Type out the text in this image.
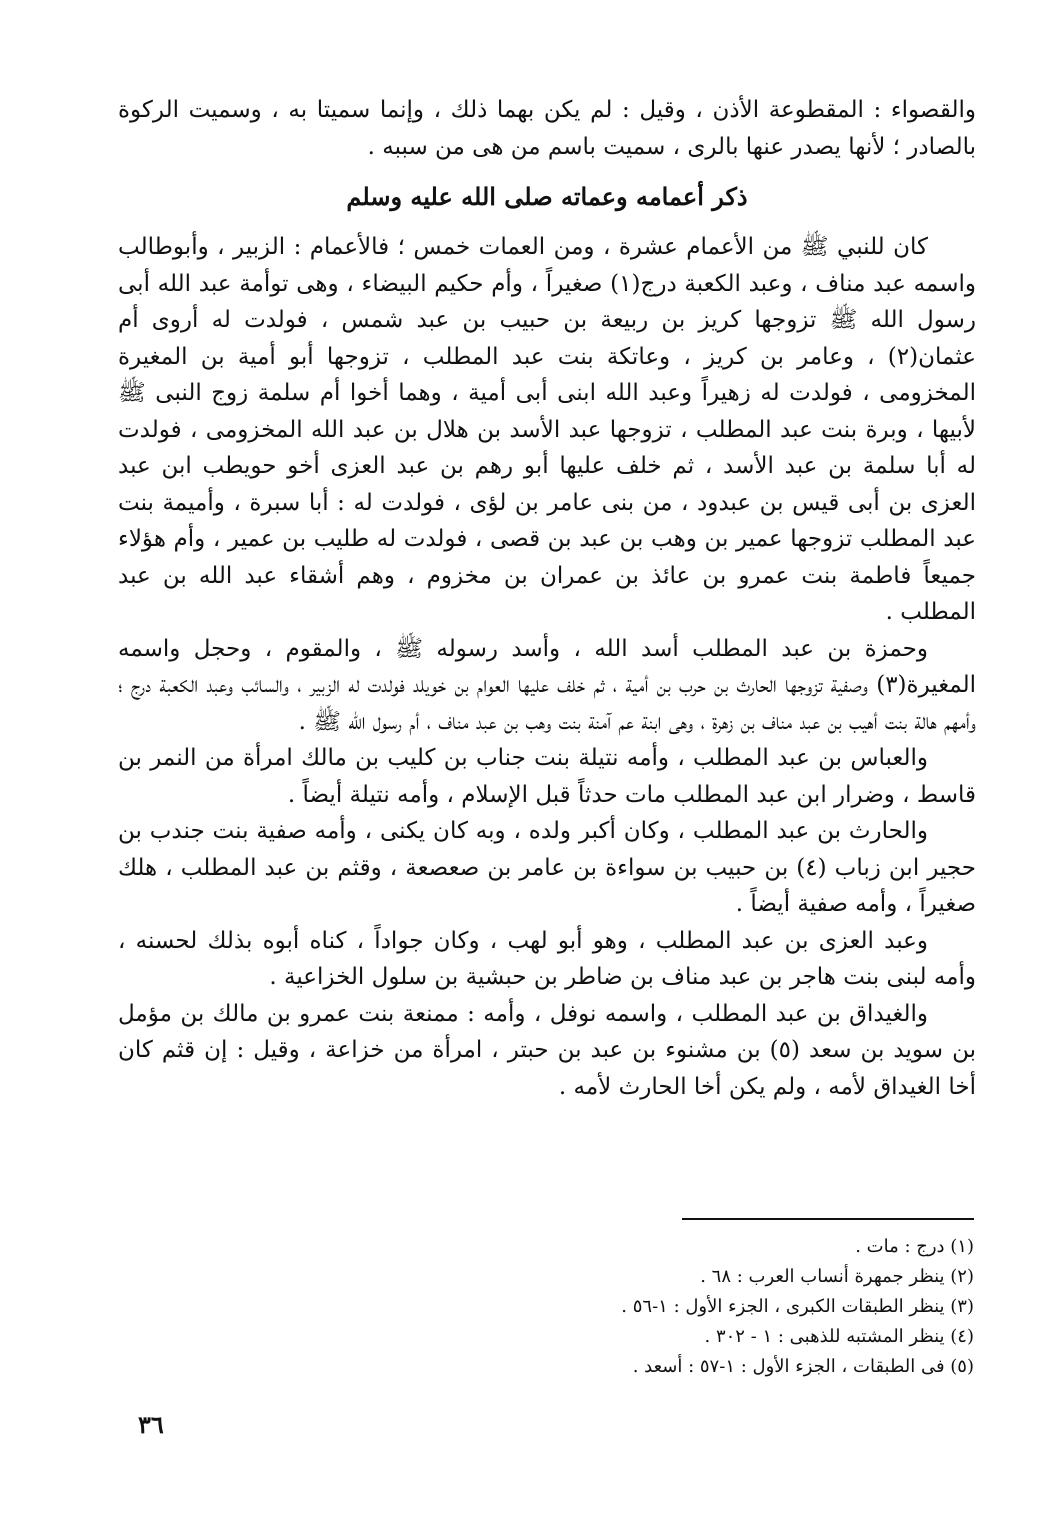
والقصواء : المقطوعة الأذن ، وقيل : لم يكن بهما ذلك ، وإنما سميتا به ، وسميت الركوة بالصادر ؛ لأنها يصدر عنها بالرى ، سميت باسم من هى من سببه .

ذكر أعمامه وعماته صلى الله عليه وسلم

كان للنبي ﷺ من الأعمام عشرة ، ومن العمات خمس ؛ فالأعمام : الزبير ، وأبوطالب واسمه عبد مناف ، وعبد الكعبة درج(١) صغيراً ، وأم حكيم البيضاء ، وهى توأمة عبد الله أبى رسول الله ﷺ تزوجها كريز بن ربيعة بن حبيب بن عبد شمس ، فولدت له أروى أم عثمان(٢) ، وعامر بن كريز ، وعاتكة بنت عبد المطلب ، تزوجها أبو أمية بن المغيرة المخزومى ، فولدت له زهيراً وعبد الله ابنى أبى أمية ، وهما أخوا أم سلمة زوج النبى ﷺ لأبيها ، وبرة بنت عبد المطلب ، تزوجها عبد الأسد بن هلال بن عبد الله المخزومى ، فولدت له أبا سلمة بن عبد الأسد ، ثم خلف عليها أبو رهم بن عبد العزى أخو حويطب ابن عبد العزى بن أبى قيس بن عبدود ، من بنى عامر بن لؤى ، فولدت له : أبا سبرة ، وأميمة بنت عبد المطلب تزوجها عمير بن وهب بن عبد بن قصى ، فولدت له طليب بن عمير ، وأم هؤلاء جميعاً فاطمة بنت عمرو بن عائذ بن عمران بن مخزوم ، وهم أشقاء عبد الله بن عبد المطلب .

وحمزة بن عبد المطلب أسد الله ، وأسد رسوله ﷺ ، والمقوم ، وحجل واسمه المغيرة(٣) وصفية تزوجها الحارث بن حرب بن أمية ، ثم خلف عليها العوام بن خويلد فولدت له الزبير ، والسائب وعبد الكعبة درج ؛ وأمهم هالة بنت أهيب بن عبد مناف بن زهرة ، وهى ابنة عم آمنة بنت وهب بن عبد مناف ، أم رسول الله ﷺ .

والعباس بن عبد المطلب ، وأمه نتيلة بنت جناب بن كليب بن مالك امرأة من النمر بن قاسط ، وضرار ابن عبد المطلب مات حدثاً قبل الإسلام ، وأمه نتيلة أيضاً .

والحارث بن عبد المطلب ، وكان أكبر ولده ، وبه كان يكنى ، وأمه صفية بنت جندب بن حجير ابن زباب (٤) بن حبيب بن سواءة بن عامر بن صعصعة ، وقثم بن عبد المطلب ، هلك صغيراً ، وأمه صفية أيضاً .

وعبد العزى بن عبد المطلب ، وهو أبو لهب ، وكان جواداً ، كناه أبوه بذلك لحسنه ، وأمه لبنى بنت هاجر بن عبد مناف بن ضاطر بن حبشية بن سلول الخزاعية .

والغيداق بن عبد المطلب ، واسمه نوفل ، وأمه : ممنعة بنت عمرو بن مالك بن مؤمل بن سويد بن سعد (٥) بن مشنوء بن عبد بن حبتر ، امرأة من خزاعة ، وقيل : إن قثم كان أخا الغيداق لأمه ، ولم يكن أخا الحارث لأمه .

(١) درج : مات .
(٢) ينظر جمهرة أنساب العرب : ٦٨ .
(٣) ينظر الطبقات الكبرى ، الجزء الأول : ١-٥٦ .
(٤) ينظر المشتبه للذهبى : ١ - ٣٠٢ .
(٥) فى الطبقات ، الجزء الأول : ١-٥٧ : أسعد .
٣٦
